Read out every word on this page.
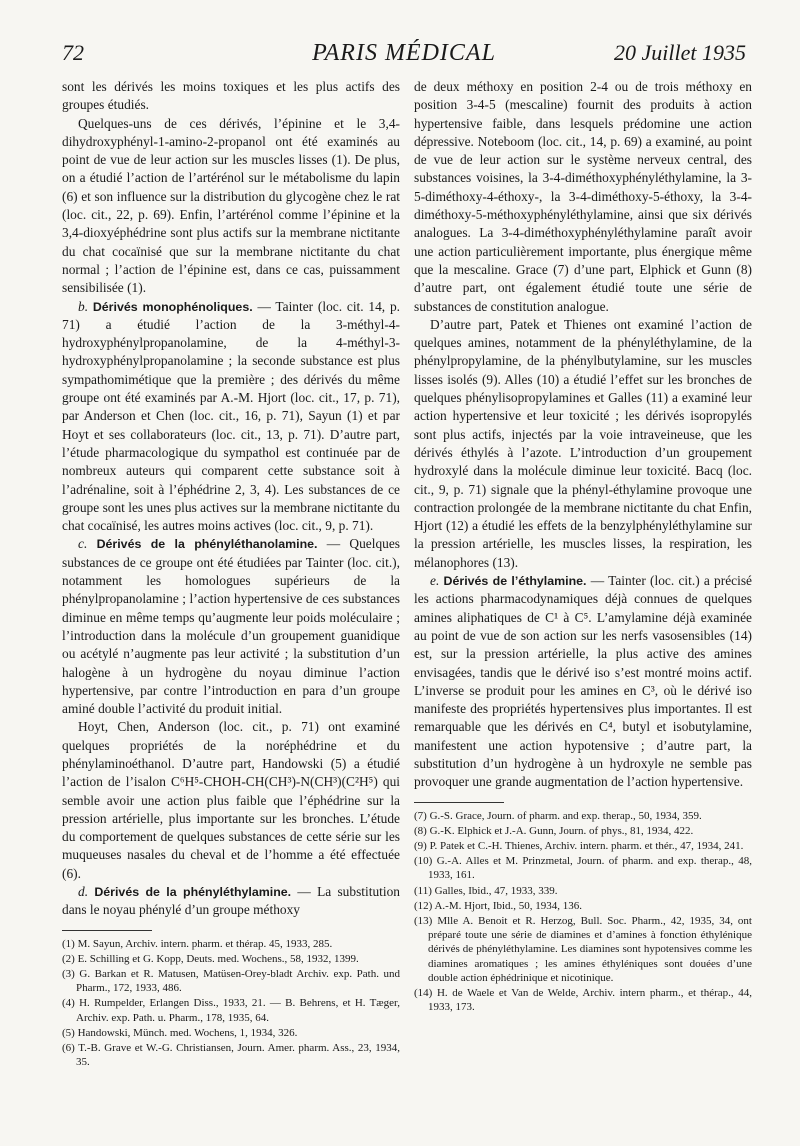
72	PARIS MÉDICAL	20 Juillet 1935

sont les dérivés les moins toxiques et les plus actifs des groupes étudiés.

Quelques-uns de ces dérivés, l’épinine et le 3,4-dihydroxyphényl-1-amino-2-propanol ont été examinés au point de vue de leur action sur les muscles lisses (1). De plus, on a étudié l’action de l’artérénol sur le métabolisme du lapin (6) et son influence sur la distribution du glycogène chez le rat (loc. cit., 22, p. 69). Enfin, l’artérénol comme l’épinine et la 3,4-dioxyéphédrine sont plus actifs sur la membrane nictitante du chat cocaïnisé que sur la membrane nictitante du chat normal ; l’action de l’épinine est, dans ce cas, puissamment sensibilisée (1).

b. Dérivés monophénoliques. — Tainter (loc. cit. 14, p. 71) a étudié l’action de la 3-méthyl-4-hydroxyphénylpropanolamine, de la 4-méthyl-3-hydroxyphénylpropanolamine ; la seconde substance est plus sympathomimétique que la première ; des dérivés du même groupe ont été examinés par A.-M. Hjort (loc. cit., 17, p. 71), par Anderson et Chen (loc. cit., 16, p. 71), Sayun (1) et par Hoyt et ses collaborateurs (loc. cit., 13, p. 71). D’autre part, l’étude pharmacologique du sympathol est continuée par de nombreux auteurs qui comparent cette substance soit à l’adrénaline, soit à l’éphédrine 2, 3, 4). Les substances de ce groupe sont les unes plus actives sur la membrane nictitante du chat cocaïnisé, les autres moins actives (loc. cit., 9, p. 71).

c. Dérivés de la phényléthanolamine. — Quelques substances de ce groupe ont été étudiées par Tainter (loc. cit.), notamment les homologues supérieurs de la phénylpropanolamine ; l’action hypertensive de ces substances diminue en même temps qu’augmente leur poids moléculaire ; l’introduction dans la molécule d’un groupement guanidique ou acétylé n’augmente pas leur activité ; la substitution d’un halogène à un hydrogène du noyau diminue l’action hypertensive, par contre l’introduction en para d’un groupe aminé double l’activité du produit initial.

Hoyt, Chen, Anderson (loc. cit., p. 71) ont examiné quelques propriétés de la noréphédrine et du phénylaminoéthanol. D’autre part, Handowski (5) a étudié l’action de l’isalon C⁶H⁵-CHOH-CH(CH³)-N(CH³)(C²H⁵) qui semble avoir une action plus faible que l’éphédrine sur la pression artérielle, plus importante sur les bronches. L’étude du comportement de quelques substances de cette série sur les muqueuses nasales du cheval et de l’homme a été effectuée (6).

d. Dérivés de la phényléthylamine. — La substitution dans le noyau phénylé d’un groupe méthoxy

(1) M. Sayun, Archiv. intern. pharm. et thérap. 45, 1933, 285.

(2) E. Schilling et G. Kopp, Deuts. med. Wochens., 58, 1932, 1399.

(3) G. Barkan et R. Matusen, Matüsen-Orey-bladt Archiv. exp. Path. und Pharm., 172, 1933, 486.

(4) H. Rumpelder, Erlangen Diss., 1933, 21. — B. Behrens, et H. Tæger, Archiv. exp. Path. u. Pharm., 178, 1935, 64.

(5) Handowski, Münch. med. Wochens, 1, 1934, 326.

(6) T.-B. Grave et W.-G. Christiansen, Journ. Amer. pharm. Ass., 23, 1934, 35.

de deux méthoxy en position 2-4 ou de trois méthoxy en position 3-4-5 (mescaline) fournit des produits à action hypertensive faible, dans lesquels prédomine une action dépressive. Noteboom (loc. cit., 14, p. 69) a examiné, au point de vue de leur action sur le système nerveux central, des substances voisines, la 3-4-diméthoxyphényléthylamine, la 3-5-diméthoxy-4-éthoxy-, la 3-4-diméthoxy-5-éthoxy, la 3-4-diméthoxy-5-méthoxyphényléthylamine, ainsi que six dérivés analogues. La 3-4-diméthoxyphényléthylamine paraît avoir une action particulièrement importante, plus énergique même que la mescaline. Grace (7) d’une part, Elphick et Gunn (8) d’autre part, ont également étudié toute une série de substances de constitution analogue.

D’autre part, Patek et Thienes ont examiné l’action de quelques amines, notamment de la phényléthylamine, de la phénylpropylamine, de la phénylbutylamine, sur les muscles lisses isolés (9). Alles (10) a étudié l’effet sur les bronches de quelques phénylisopropylamines et Galles (11) a examiné leur action hypertensive et leur toxicité ; les dérivés isopropylés sont plus actifs, injectés par la voie intraveineuse, que les dérivés éthylés à l’azote. L’introduction d’un groupement hydroxylé dans la molécule diminue leur toxicité. Bacq (loc. cit., 9, p. 71) signale que la phényl-éthylamine provoque une contraction prolongée de la membrane nictitante du chat Enfin, Hjort (12) a étudié les effets de la benzylphényléthylamine sur la pression artérielle, les muscles lisses, la respiration, les mélanophores (13).

e. Dérivés de l’éthylamine. — Tainter (loc. cit.) a précisé les actions pharmacodynamiques déjà connues de quelques amines aliphatiques de C¹ à C⁵. L’amylamine déjà examinée au point de vue de son action sur les nerfs vasosensibles (14) est, sur la pression artérielle, la plus active des amines envisagées, tandis que le dérivé iso s’est montré moins actif. L’inverse se produit pour les amines en C³, où le dérivé iso manifeste des propriétés hypertensives plus importantes. Il est remarquable que les dérivés en C⁴, butyl et isobutylamine, manifestent une action hypotensive ; d’autre part, la substitution d’un hydrogène à un hydroxyle ne semble pas provoquer une grande augmentation de l’action hypertensive.

(7) G.-S. Grace, Journ. of pharm. and exp. therap., 50, 1934, 359.

(8) G.-K. Elphick et J.-A. Gunn, Journ. of phys., 81, 1934, 422.

(9) P. Patek et C.-H. Thienes, Archiv. intern. pharm. et thér., 47, 1934, 241.

(10) G.-A. Alles et M. Prinzmetal, Journ. of pharm. and exp. therap., 48, 1933, 161.

(11) Galles, Ibid., 47, 1933, 339.

(12) A.-M. Hjort, Ibid., 50, 1934, 136.

(13) Mlle A. Benoit et R. Herzog, Bull. Soc. Pharm., 42, 1935, 34, ont préparé toute une série de diamines et d’amines à fonction éthylénique dérivés de phényléthylamine. Les diamines sont hypotensives comme les diamines aromatiques ; les amines éthyléniques sont douées d’une double action éphédrinique et nicotinique.

(14) H. de Waele et Van de Welde, Archiv. intern pharm., et thérap., 44, 1933, 173.
